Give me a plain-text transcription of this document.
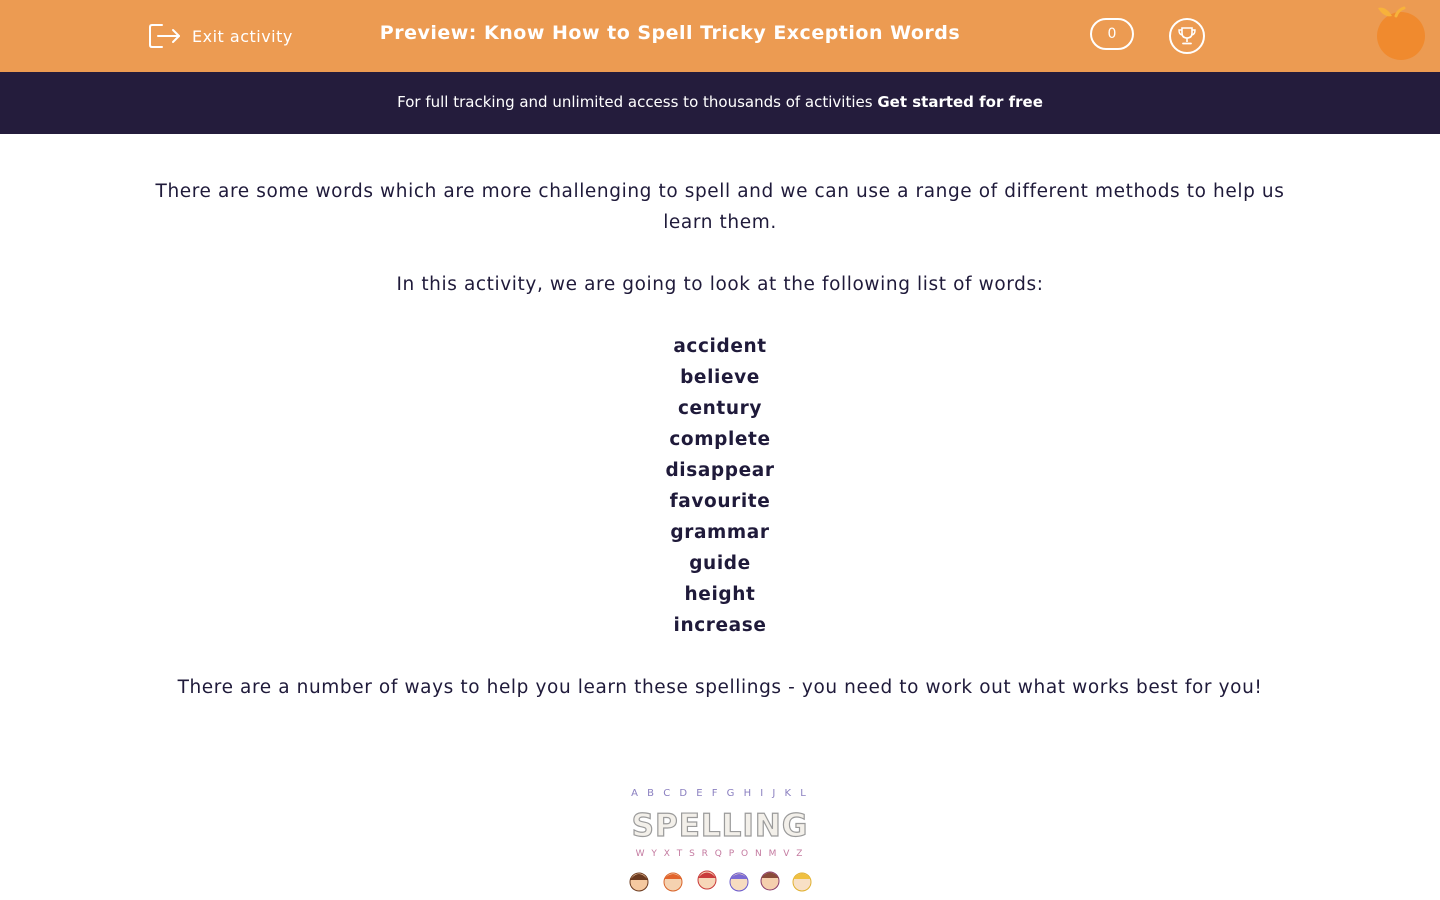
Exit activity	Preview: Know How to Spell Tricky Exception Words	0
For full tracking and unlimited access to thousands of activities Get started for free

There are some words which are more challenging to spell and we can use a range of different methods to help us learn them.

In this activity, we are going to look at the following list of words:

accident
believe
century
complete
disappear
favourite
grammar
guide
height
increase

There are a number of ways to help you learn these spellings - you need to work out what works best for you!

A B C D E F G H I J K L
SPELLING
W Y X T S R Q P O N M V Z
